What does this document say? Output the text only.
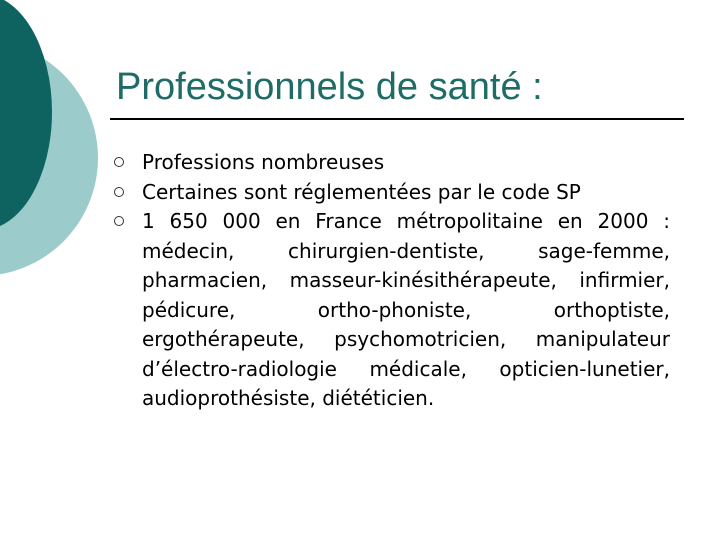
Professionnels de santé :
Professions nombreuses
Certaines sont réglementées par le code SP
1 650 000 en France métropolitaine en 2000 : médecin, chirurgien-dentiste, sage-femme, pharmacien, masseur-kinésithérapeute, infirmier, pédicure, ortho-phoniste, orthoptiste, ergothérapeute, psychomotricien, manipulateur d’électro-radiologie médicale, opticien-lunetier, audioprothésiste, diététicien.
